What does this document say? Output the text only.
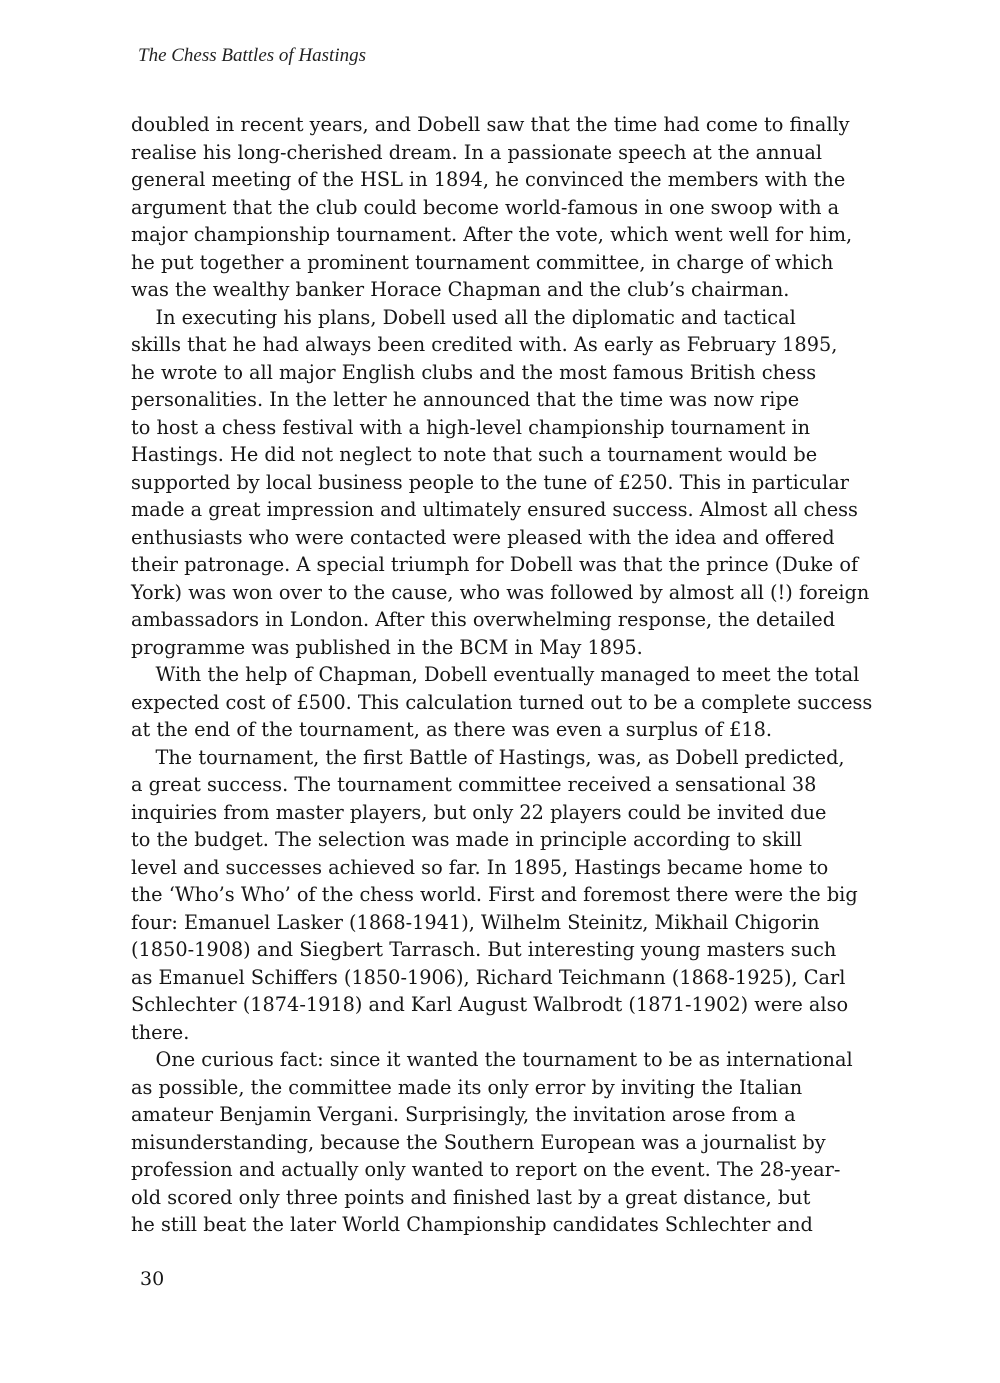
The Chess Battles of Hastings
doubled in recent years, and Dobell saw that the time had come to finally
realise his long-cherished dream. In a passionate speech at the annual
general meeting of the HSL in 1894, he convinced the members with the
argument that the club could become world-famous in one swoop with a
major championship tournament. After the vote, which went well for him,
he put together a prominent tournament committee, in charge of which
was the wealthy banker Horace Chapman and the club’s chairman.
In executing his plans, Dobell used all the diplomatic and tactical
skills that he had always been credited with. As early as February 1895,
he wrote to all major English clubs and the most famous British chess
personalities. In the letter he announced that the time was now ripe
to host a chess festival with a high-level championship tournament in
Hastings. He did not neglect to note that such a tournament would be
supported by local business people to the tune of £250. This in particular
made a great impression and ultimately ensured success. Almost all chess
enthusiasts who were contacted were pleased with the idea and offered
their patronage. A special triumph for Dobell was that the prince (Duke of
York) was won over to the cause, who was followed by almost all (!) foreign
ambassadors in London. After this overwhelming response, the detailed
programme was published in the BCM in May 1895.
With the help of Chapman, Dobell eventually managed to meet the total
expected cost of £500. This calculation turned out to be a complete success
at the end of the tournament, as there was even a surplus of £18.
The tournament, the first Battle of Hastings, was, as Dobell predicted,
a great success. The tournament committee received a sensational 38
inquiries from master players, but only 22 players could be invited due
to the budget. The selection was made in principle according to skill
level and successes achieved so far. In 1895, Hastings became home to
the ‘Who’s Who’ of the chess world. First and foremost there were the big
four: Emanuel Lasker (1868-1941), Wilhelm Steinitz, Mikhail Chigorin
(1850-1908) and Siegbert Tarrasch. But interesting young masters such
as Emanuel Schiffers (1850-1906), Richard Teichmann (1868-1925), Carl
Schlechter (1874-1918) and Karl August Walbrodt (1871-1902) were also
there.
One curious fact: since it wanted the tournament to be as international
as possible, the committee made its only error by inviting the Italian
amateur Benjamin Vergani. Surprisingly, the invitation arose from a
misunderstanding, because the Southern European was a journalist by
profession and actually only wanted to report on the event. The 28-year-
old scored only three points and finished last by a great distance, but
he still beat the later World Championship candidates Schlechter and
30
